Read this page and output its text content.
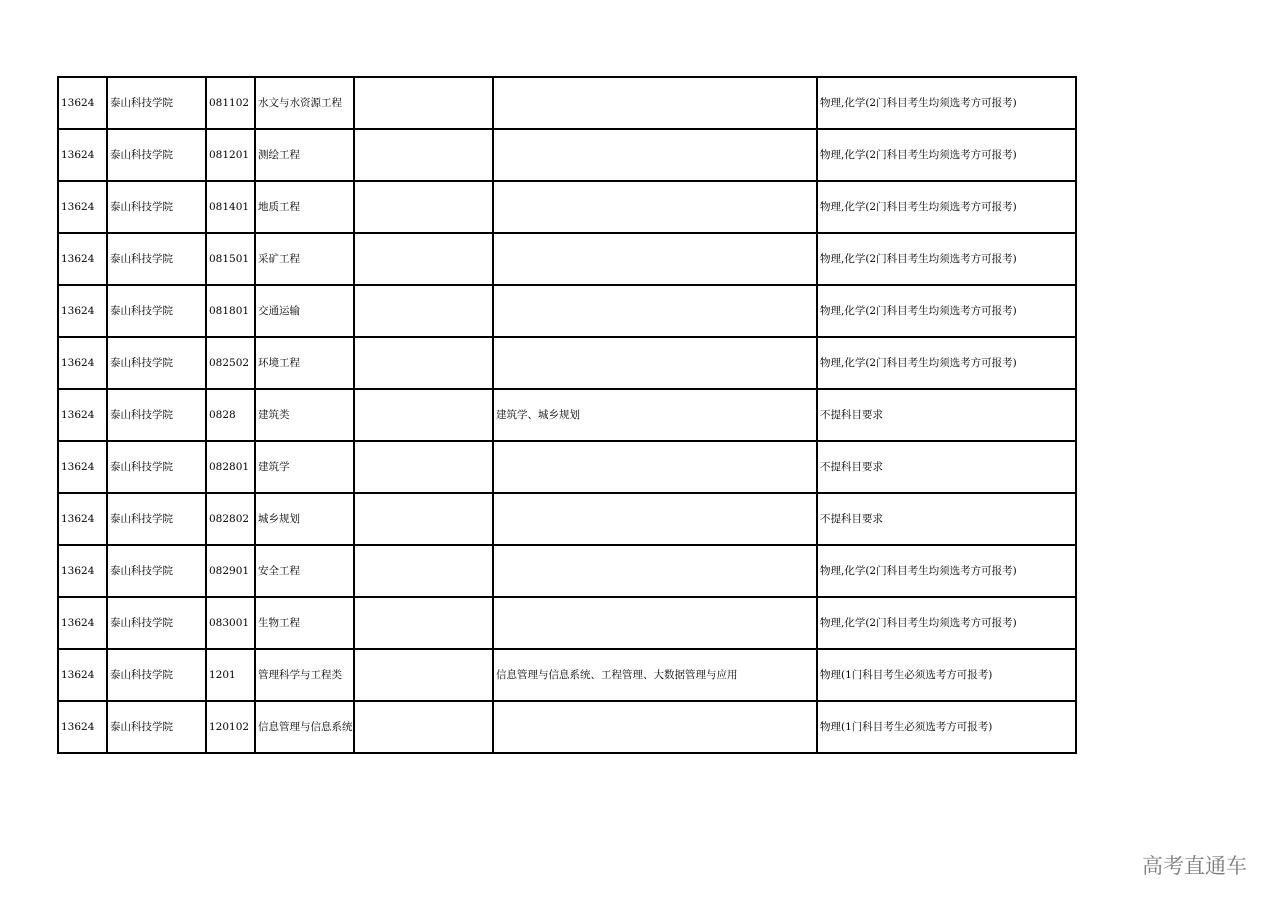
13624	泰山科技学院	081102	水文与水资源工程			物理,化学(2门科目考生均须选考方可报考)
13624	泰山科技学院	081201	测绘工程			物理,化学(2门科目考生均须选考方可报考)
13624	泰山科技学院	081401	地质工程			物理,化学(2门科目考生均须选考方可报考)
13624	泰山科技学院	081501	采矿工程			物理,化学(2门科目考生均须选考方可报考)
13624	泰山科技学院	081801	交通运输			物理,化学(2门科目考生均须选考方可报考)
13624	泰山科技学院	082502	环境工程			物理,化学(2门科目考生均须选考方可报考)
13624	泰山科技学院	0828	建筑类		建筑学、城乡规划	不提科目要求
13624	泰山科技学院	082801	建筑学			不提科目要求
13624	泰山科技学院	082802	城乡规划			不提科目要求
13624	泰山科技学院	082901	安全工程			物理,化学(2门科目考生均须选考方可报考)
13624	泰山科技学院	083001	生物工程			物理,化学(2门科目考生均须选考方可报考)
13624	泰山科技学院	1201	管理科学与工程类		信息管理与信息系统、工程管理、大数据管理与应用	物理(1门科目考生必须选考方可报考)
13624	泰山科技学院	120102	信息管理与信息系统			物理(1门科目考生必须选考方可报考)
高考直通车
